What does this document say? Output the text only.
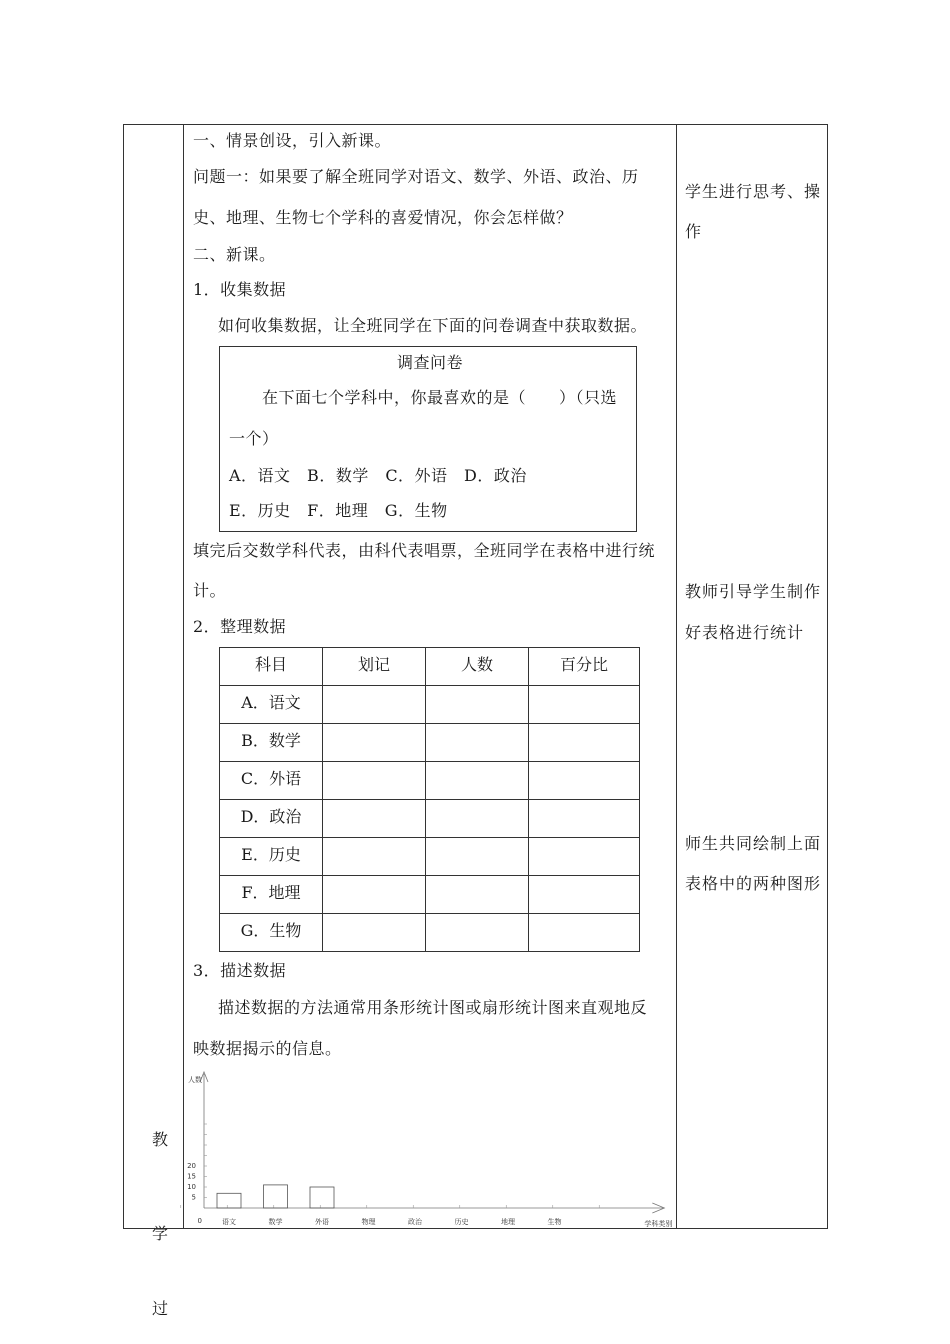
教
学
过
一、情景创设，引入新课。
问题一：如果要了解全班同学对语文、数学、外语、政治、历
史、地理、生物七个学科的喜爱情况，你会怎样做？
二、新课。
1．收集数据
如何收集数据，让全班同学在下面的问卷调查中获取数据。
调查问卷
在下面七个学科中，你最喜欢的是（　　）（只选
一个）
A．语文　B．数学　C．外语　D．政治
E．历史　F．地理　G．生物
填完后交数学科代表，由科代表唱票，全班同学在表格中进行统
计。
2．整理数据
科目	划记	人数	百分比

A．语文			

B．数学			

C．外语			

D．政治			

E．历史			

F．地理			

G．生物			

3．描述数据
描述数据的方法通常用条形统计图或扇形统计图来直观地反
映数据揭示的信息。
学生进行思考、操
作
教师引导学生制作
好表格进行统计
师生共同绘制上面
表格中的两种图形
5
10
15
20
0
人数
学科类别
语文	数学	外语	物理	政治	历史	地理	生物
